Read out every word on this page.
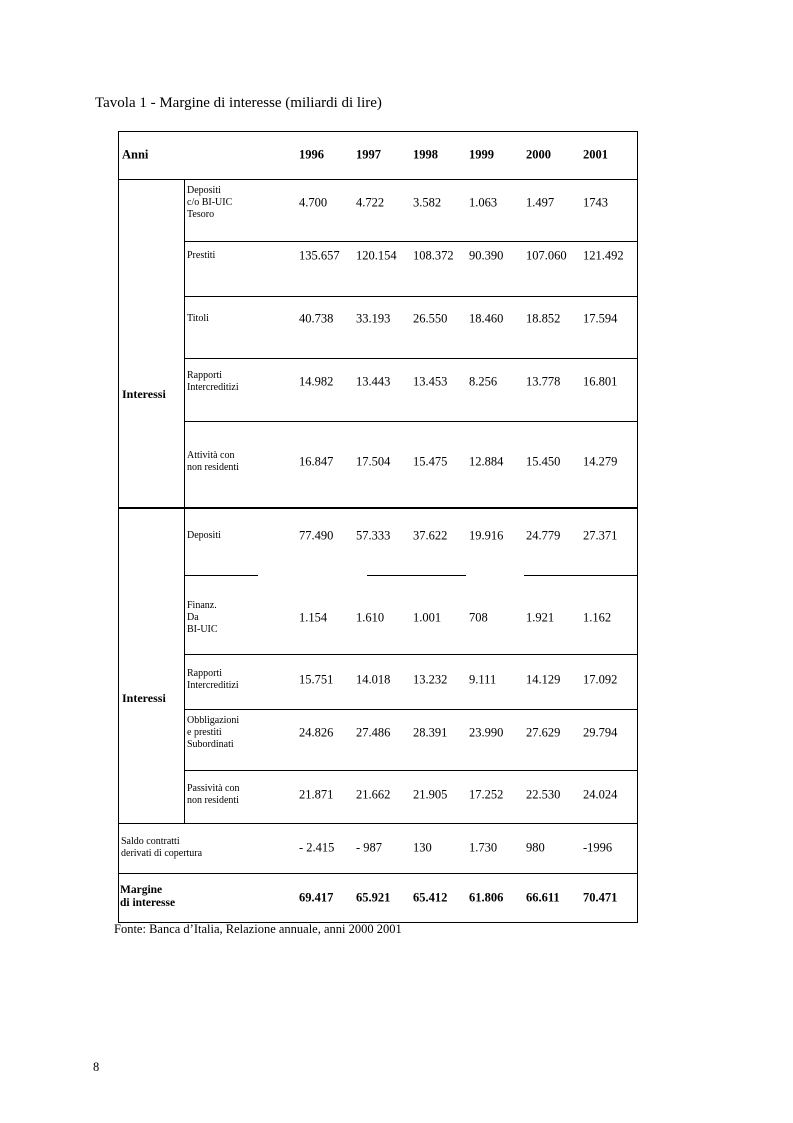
Tavola 1 - Margine di interesse (miliardi di lire)
Anni	1996	1997	1998 1999	2000	2001
Interessi
Depositi
c/o BI-UIC
Tesoro
4.700 4.722 3.582 1.063 1.497 1743
Prestiti	135.657 120.154 108.372 90.390 107.060 121.492
Titoli	40.738 33.193 26.550 18.460 18.852 17.594
Rapporti
Intercreditizi	14.982 13.443 13.453 8.256 13.778 16.801
Attività con
non residenti	16.847 17.504 15.475 12.884 15.450 14.279
Interessi
Depositi	77.490 57.333 37.622 19.916 24.779 27.371
Finanz.
Da
BI-UIC
1.154 1.610 1.001 708	1.921 1.162
Rapporti
Intercreditizi	15.751 14.018 13.232 9.111 14.129 17.092
Obbligazioni
e prestiti
Subordinati
24.826 27.486 28.391 23.990 27.629 29.794
Passività con
non residenti	21.871 21.662 21.905 17.252 22.530 24.024
Saldo contratti
derivati di copertura	- 2.415 - 987 130	1.730 980	-1996
Margine
di interesse	69.417 65.921 65.412 61.806 66.611 70.471
Fonte: Banca d’Italia, Relazione annuale, anni 2000 2001
8
